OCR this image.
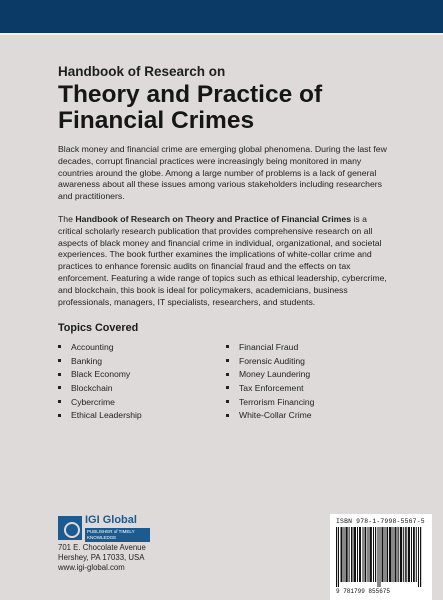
Handbook of Research on
Theory and Practice of
Financial Crimes

Black money and financial crime are emerging global phenomena. During the last few decades, corrupt financial practices were increasingly being monitored in many countries around the globe. Among a large number of problems is a lack of general awareness about all these issues among various stakeholders including researchers and practitioners.

The Handbook of Research on Theory and Practice of Financial Crimes is a critical scholarly research publication that provides comprehensive research on all aspects of black money and financial crime in individual, organizational, and societal experiences. The book further examines the implications of white-collar crime and practices to enhance forensic audits on financial fraud and the effects on tax enforcement. Featuring a wide range of topics such as ethical leadership, cybercrime, and blockchain, this book is ideal for policymakers, academicians, business professionals, managers, IT specialists, researchers, and students.

Topics Covered
Accounting
Banking
Black Economy
Blockchain
Cybercrime
Ethical Leadership
Financial Fraud
Forensic Auditing
Money Laundering
Tax Enforcement
Terrorism Financing
White-Collar Crime
IGI Global
PUBLISHER of TIMELY KNOWLEDGE
701 E. Chocolate Avenue
Hershey, PA 17033, USA
www.igi-global.com
ISBN 978-1-7998-5567-5
9 781799 855675
